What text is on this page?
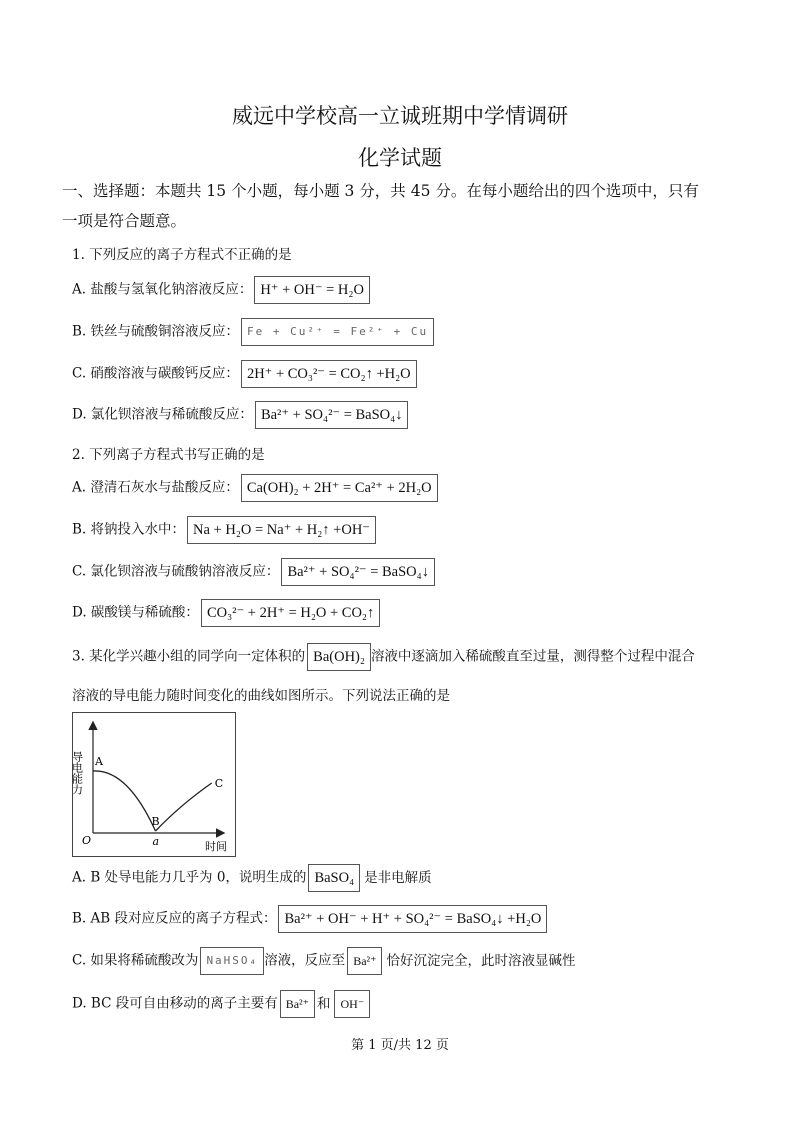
威远中学校高一立诚班期中学情调研
化学试题
一、选择题：本题共 15 个小题，每小题 3 分，共 45 分。在每小题给出的四个选项中，只有
一项是符合题意。
1. 下列反应的离子方程式不正确的是
A. 盐酸与氢氧化钠溶液反应： H⁺ + OH⁻ = H₂O
B. 铁丝与硫酸铜溶液反应： Fe + Cu²⁺ = Fe²⁺ + Cu
C. 硝酸溶液与碳酸钙反应： 2H⁺ + CO₃²⁻ = CO₂↑ +H₂O
D. 氯化钡溶液与稀硫酸反应： Ba²⁺ + SO₄²⁻ = BaSO₄↓
2. 下列离子方程式书写正确的是
A. 澄清石灰水与盐酸反应： Ca(OH)₂ + 2H⁺ = Ca²⁺ + 2H₂O
B. 将钠投入水中： Na + H₂O = Na⁺ + H₂↑ +OH⁻
C. 氯化钡溶液与硫酸钠溶液反应： Ba²⁺ + SO₄²⁻ = BaSO₄↓
D. 碳酸镁与稀硫酸： CO₃²⁻ + 2H⁺ = H₂O + CO₂↑
3. 某化学兴趣小组的同学向一定体积的 Ba(OH)₂ 溶液中逐滴加入稀硫酸直至过量，测得整个过程中混合
溶液的导电能力随时间变化的曲线如图所示。下列说法正确的是
导电能力
时间
O	a
A
B
C
A. B 处导电能力几乎为 0，说明生成的 BaSO₄ 是非电解质
B. AB 段对应反应的离子方程式： Ba²⁺ + OH⁻ + H⁺ + SO₄²⁻ = BaSO₄↓ +H₂O
C. 如果将稀硫酸改为 NaHSO₄ 溶液，反应至 Ba²⁺ 恰好沉淀完全，此时溶液显碱性
D. BC 段可自由移动的离子主要有 Ba²⁺ 和 OH⁻
第 1 页/共 12 页
